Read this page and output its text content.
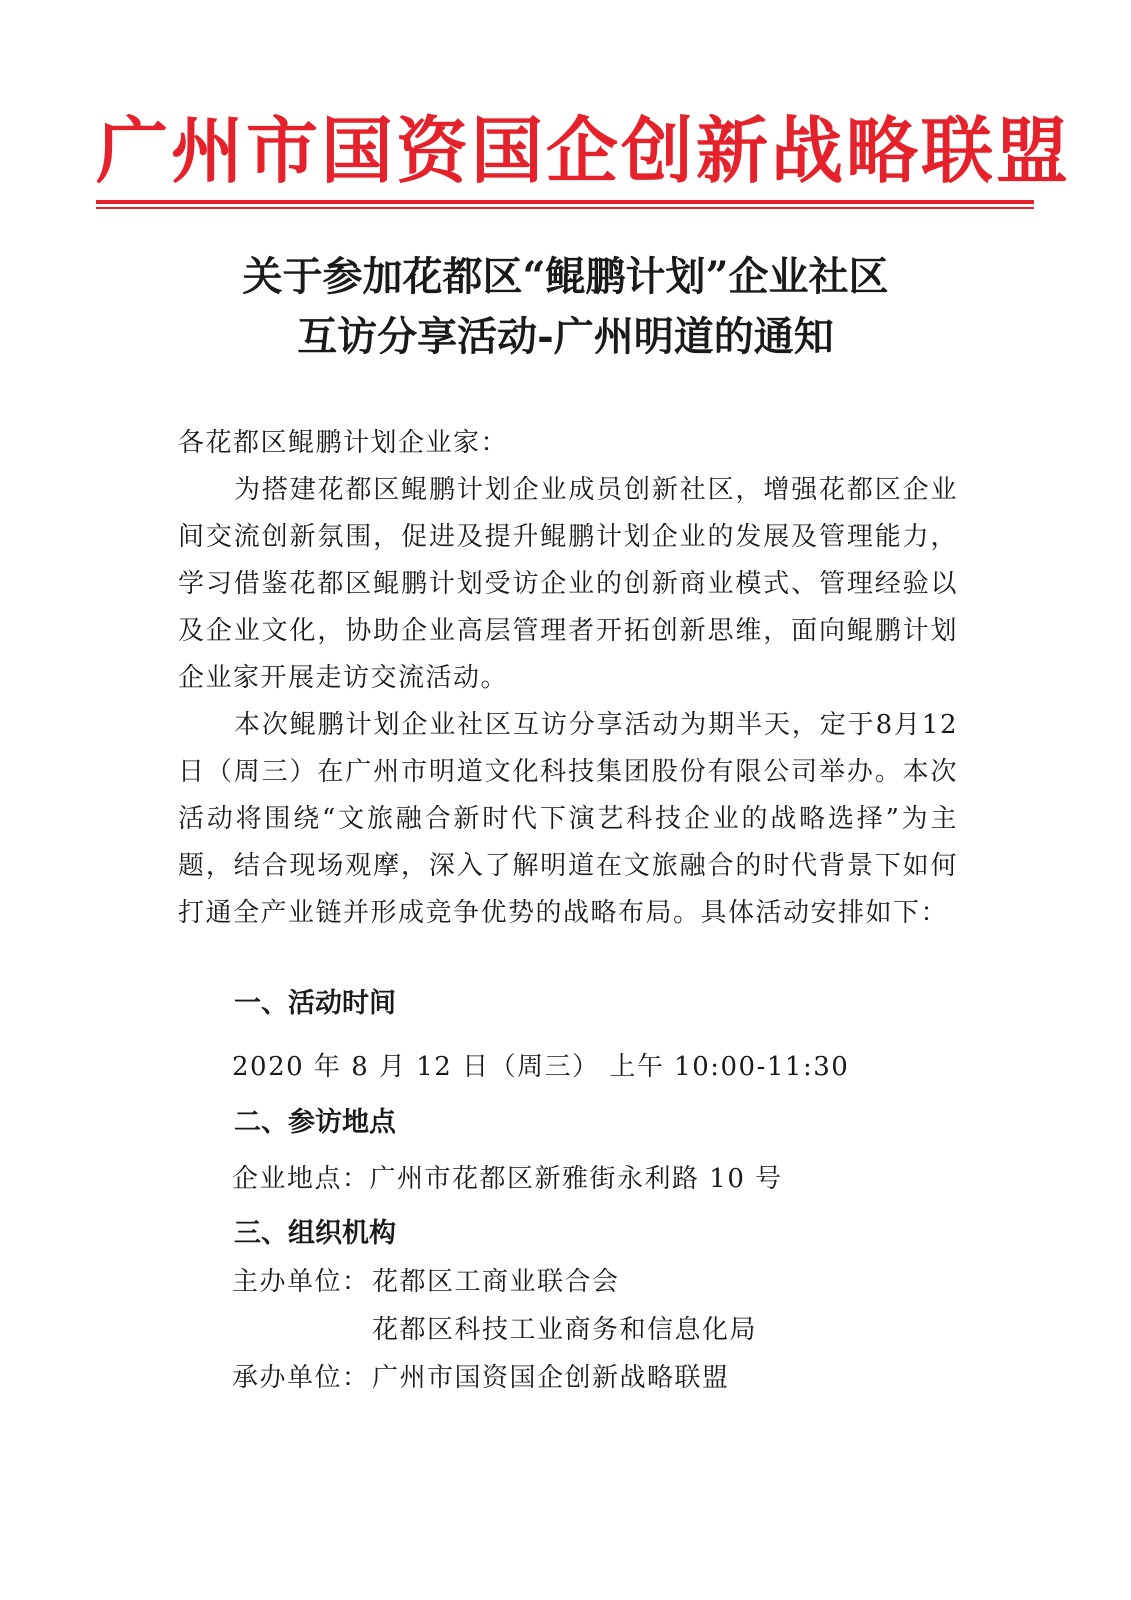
广州市国资国企创新战略联盟
关于参加花都区“鲲鹏计划”企业社区
互访分享活动-广州明道的通知

各花都区鲲鹏计划企业家：

为搭建花都区鲲鹏计划企业成员创新社区，增强花都区企业间交流创新氛围，促进及提升鲲鹏计划企业的发展及管理能力，学习借鉴花都区鲲鹏计划受访企业的创新商业模式、管理经验以及企业文化，协助企业高层管理者开拓创新思维，面向鲲鹏计划企业家开展走访交流活动。

本次鲲鹏计划企业社区互访分享活动为期半天，定于8月12日（周三）在广州市明道文化科技集团股份有限公司举办。本次活动将围绕“文旅融合新时代下演艺科技企业的战略选择”为主题，结合现场观摩，深入了解明道在文旅融合的时代背景下如何打通全产业链并形成竞争优势的战略布局。具体活动安排如下：

一、活动时间
2020 年 8 月 12 日（周三） 上午 10:00-11:30
二、参访地点
企业地点：广州市花都区新雅街永利路 10 号
三、组织机构
主办单位：花都区工商业联合会
花都区科技工业商务和信息化局
承办单位：广州市国资国企创新战略联盟
